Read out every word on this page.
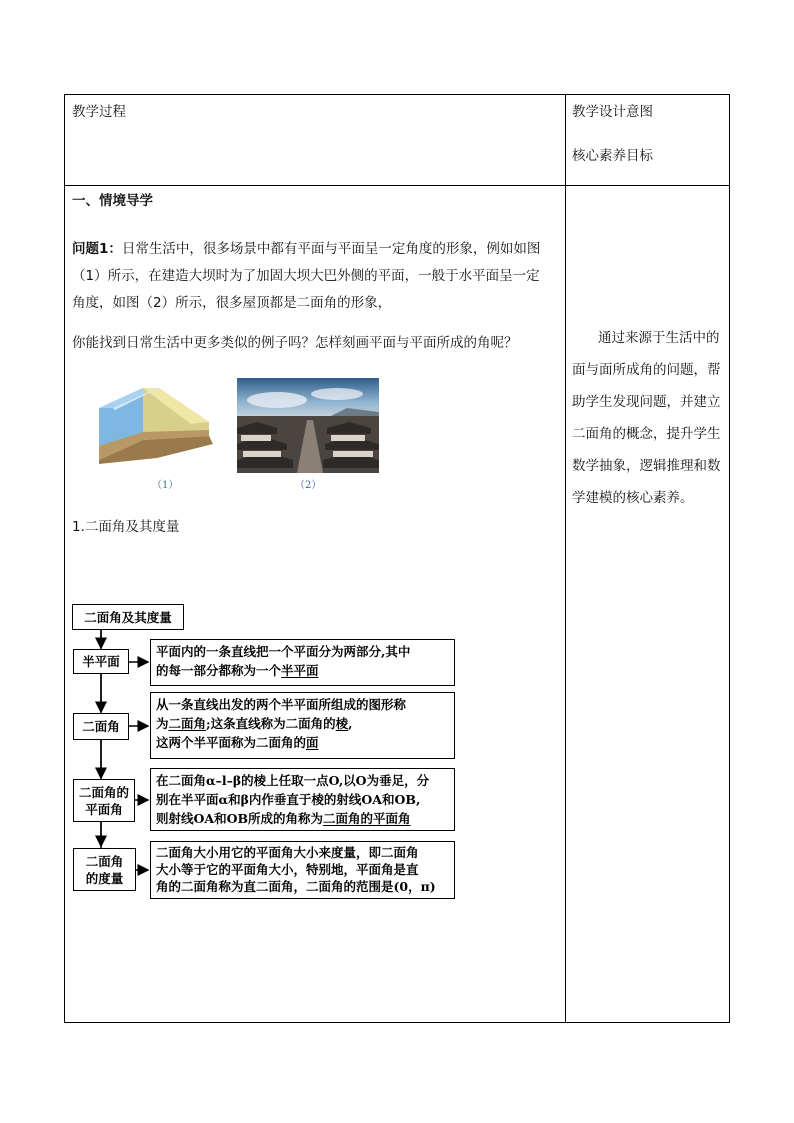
教学过程	教学设计意图
核心素养目标
一、情境导学
问题1：日常生活中，很多场景中都有平面与平面呈一定角度的形象，例如如图
（1）所示，在建造大坝时为了加固大坝大巴外侧的平面，一般于水平面呈一定
角度，如图（2）所示，很多屋顶都是二面角的形象，
你能找到日常生活中更多类似的例子吗？怎样刻画平面与平面所成的角呢？
（1）	（2）
1.二面角及其度量
通过来源于生活中的
面与面所成角的问题，帮
助学生发现问题，并建立
二面角的概念，提升学生
数学抽象，逻辑推理和数
学建模的核心素养。
二面角及其度量
半平面
平面内的一条直线把一个平面分为两部分,其中
的每一部分都称为一个半平面
二面角
从一条直线出发的两个半平面所组成的图形称
为二面角;这条直线称为二面角的棱,
这两个半平面称为二面角的面
二面角的
平面角
在二面角α–l–β的棱上任取一点O,以O为垂足，分
别在半平面α和β内作垂直于棱的射线OA和OB,
则射线OA和OB所成的角称为二面角的平面角
二面角
的度量
二面角大小用它的平面角大小来度量，即二面角
大小等于它的平面角大小，特别地，平面角是直
角的二面角称为直二面角，二面角的范围是(0，π)
